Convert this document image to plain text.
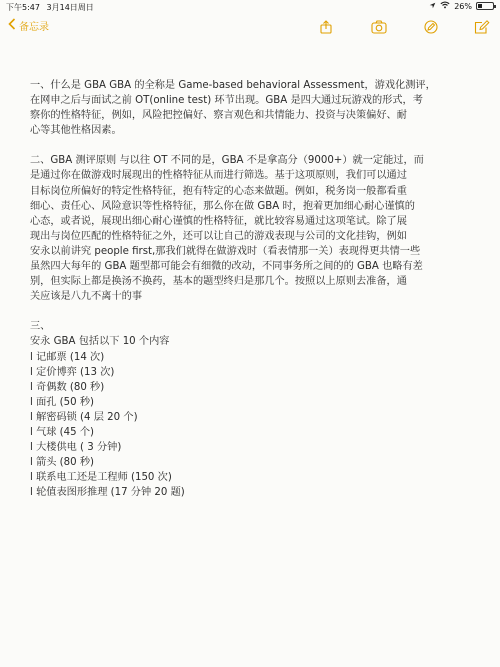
下午5:47 3月14日周日	26%
备忘录

一、什么是 GBA GBA 的全称是 Game-based behavioral Assessment，游戏化测评，

在网申之后与面试之前 OT(online test) 环节出现。GBA 是四大通过玩游戏的形式，考

察你的性格特征，例如，风险把控偏好、察言观色和共情能力、投资与决策偏好、耐

心等其他性格因素。

二、GBA 测评原则 与以往 OT 不同的是，GBA 不是拿高分（9000+）就一定能过，而

是通过你在做游戏时展现出的性格特征从而进行筛选。基于这项原则，我们可以通过

目标岗位所偏好的特定性格特征，抱有特定的心态来做题。例如，税务岗一般都看重

细心、责任心、风险意识等性格特征，那么你在做 GBA 时，抱着更加细心耐心谨慎的

心态，或者说，展现出细心耐心谨慎的性格特征，就比较容易通过这项笔试。除了展

现出与岗位匹配的性格特征之外，还可以让自己的游戏表现与公司的文化挂钩，例如

安永以前讲究 people first,那我们就得在做游戏时（看表情那一关）表现得更共情一些

虽然四大每年的 GBA 题型都可能会有细微的改动，不同事务所之间的的 GBA 也略有差

别，但实际上都是换汤不换药，基本的题型终归是那几个。按照以上原则去准备，通

关应该是八九不离十的事

三、

安永 GBA 包括以下 10 个内容

l 记邮票 (14 次)

l 定价博弈 (13 次)

l 奇偶数 (80 秒)

l 面孔 (50 秒)

l 解密码锁 (4 层 20 个)

l 气球 (45 个)

l 大楼供电 ( 3 分钟)

l 箭头 (80 秒)

l 联系电工还是工程师 (150 次)

l 轮值表图形推理 (17 分钟 20 题)
